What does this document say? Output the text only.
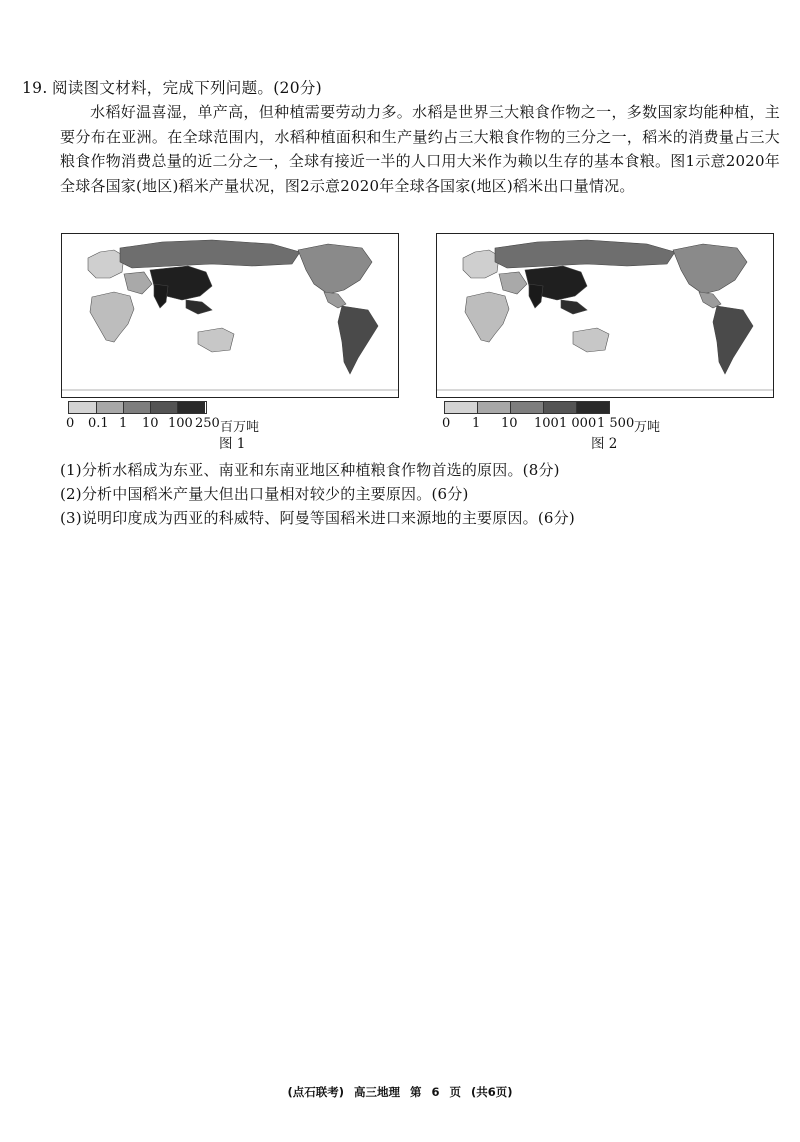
19. 阅读图文材料，完成下列问题。(20分)

水稻好温喜湿，单产高，但种植需要劳动力多。水稻是世界三大粮食作物之一，多数国家均能种植，主要分布在亚洲。在全球范围内，水稻种植面积和生产量约占三大粮食作物的三分之一，稻米的消费量占三大粮食作物消费总量的近二分之一，全球有接近一半的人口用大米作为赖以生存的基本食粮。图1示意2020年全球各国家(地区)稻米产量状况，图2示意2020年全球各国家(地区)稻米出口量情况。

0 0.1 1 10 100 250 百万吨
图 1
0 1 10 100 1 000 1 500 万吨
图 2
(1)分析水稻成为东亚、南亚和东南亚地区种植粮食作物首选的原因。(8分)
(2)分析中国稻米产量大但出口量相对较少的主要原因。(6分)
(3)说明印度成为西亚的科威特、阿曼等国稻米进口来源地的主要原因。(6分)
(点石联考) 高三地理 第 6 页 (共6页)
